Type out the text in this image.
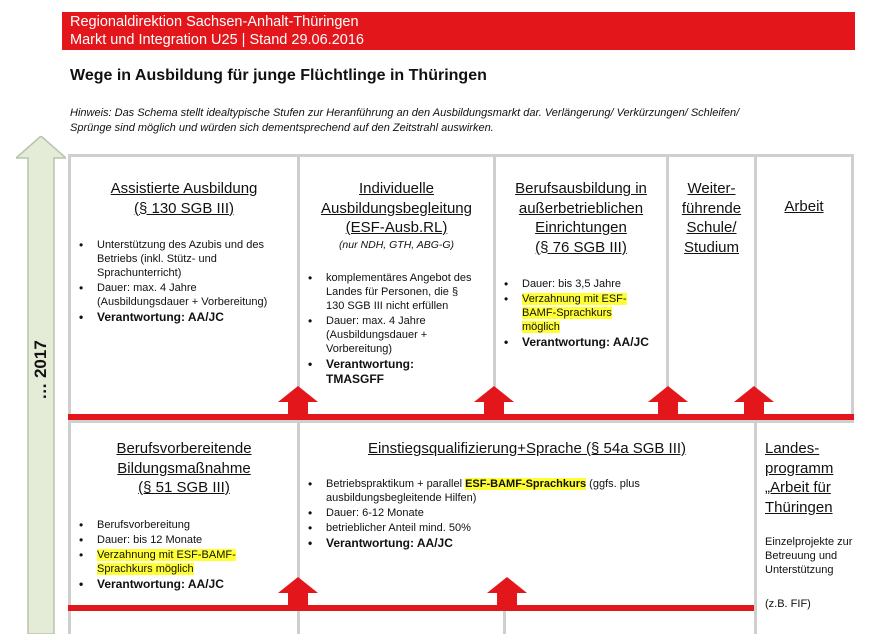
Regionaldirektion Sachsen-Anhalt-Thüringen
Markt und Integration U25 | Stand 29.06.2016
Wege in Ausbildung für junge Flüchtlinge in Thüringen
Hinweis: Das Schema stellt idealtypische Stufen zur Heranführung an den Ausbildungsmarkt dar. Verlängerung/ Verkürzungen/ Schleifen/
Sprünge sind möglich und würden sich dementsprechend auf den Zeitstrahl auswirken.
… 2017
Assistierte Ausbildung
(§ 130 SGB III)
• Unterstützung des Azubis und des Betriebs (inkl. Stütz- und Sprachunterricht)
• Dauer: max. 4 Jahre (Ausbildungsdauer + Vorbereitung)
• Verantwortung: AA/JC
Individuelle
Ausbildungsbegleitung
(ESF-Ausb.RL)
(nur NDH, GTH, ABG-G)
• komplementäres Angebot des Landes für Personen, die § 130 SGB III nicht erfüllen
• Dauer: max. 4 Jahre (Ausbildungsdauer + Vorbereitung)
• Verantwortung: TMASGFF
Berufsausbildung in
außerbetrieblichen
Einrichtungen
(§ 76 SGB III)
• Dauer: bis 3,5 Jahre
• Verzahnung mit ESF-BAMF-Sprachkurs möglich
• Verantwortung: AA/JC
Weiter-
führende
Schule/
Studium
Arbeit
Berufsvorbereitende
Bildungsmaßnahme
(§ 51 SGB III)
• Berufsvorbereitung
• Dauer: bis 12 Monate
• Verzahnung mit ESF-BAMF-Sprachkurs möglich
• Verantwortung: AA/JC
Einstiegsqualifizierung+Sprache (§ 54a SGB III)
• Betriebspraktikum + parallel ESF-BAMF-Sprachkurs (ggfs. plus ausbildungsbegleitende Hilfen)
• Dauer: 6-12 Monate
• betrieblicher Anteil mind. 50%
• Verantwortung: AA/JC
Landes-
programm
„Arbeit für
Thüringen
Einzelprojekte zur Betreuung und Unterstützung
(z.B. FIF)
